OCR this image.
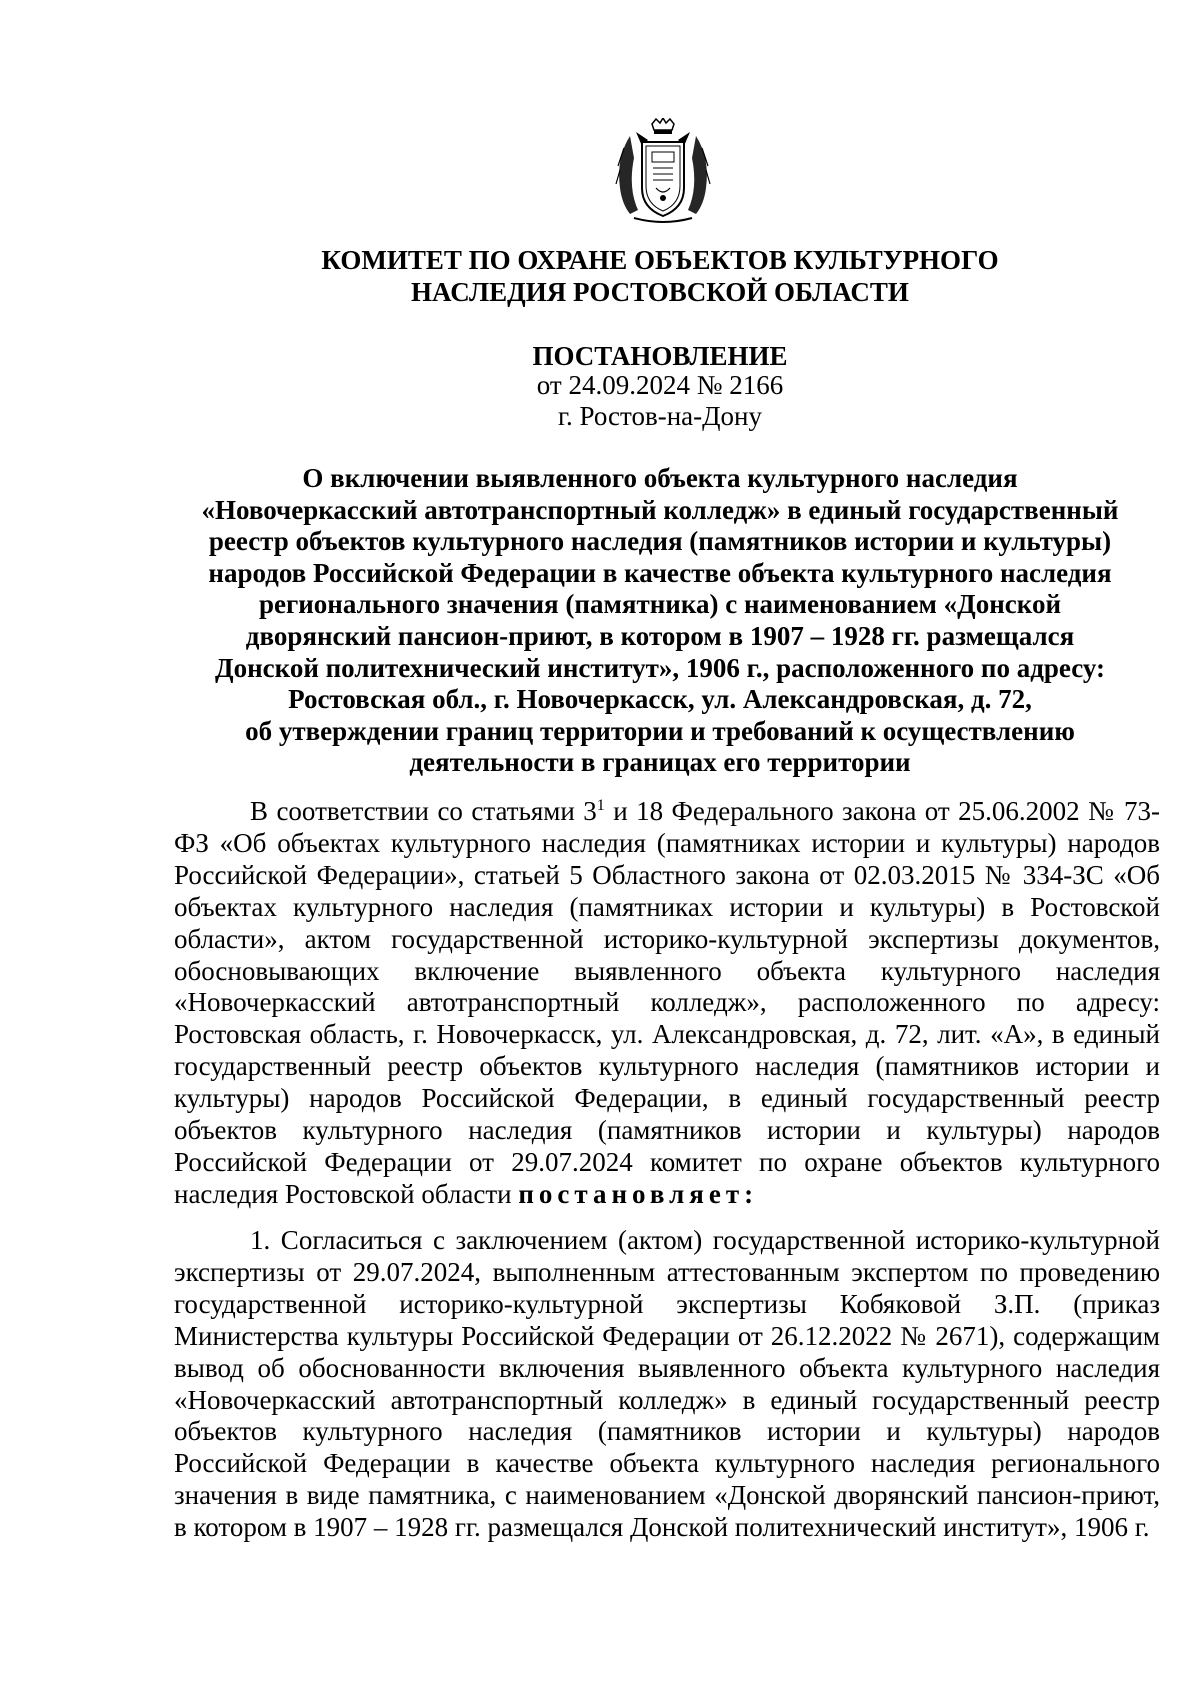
КОМИТЕТ ПО ОХРАНЕ ОБЪЕКТОВ КУЛЬТУРНОГО
НАСЛЕДИЯ РОСТОВСКОЙ ОБЛАСТИ
ПОСТАНОВЛЕНИЕ
от 24.09.2024 № 2166
г. Ростов-на-Дону
О включении выявленного объекта культурного наследия
«Новочеркасский автотранспортный колледж» в единый государственный
реестр объектов культурного наследия (памятников истории и культуры)
народов Российской Федерации в качестве объекта культурного наследия
регионального значения (памятника) с наименованием «Донской
дворянский пансион-приют, в котором в 1907 – 1928 гг. размещался
Донской политехнический институт», 1906 г., расположенного по адресу:
Ростовская обл., г. Новочеркасск, ул. Александровская, д. 72,
об утверждении границ территории и требований к осуществлению
деятельности в границах его территории
В соответствии со статьями $3^1$ и 18 Федерального закона от 25.06.2002 № 73-ФЗ «Об объектах культурного наследия (памятниках истории и культуры) народов Российской Федерации», статьей 5 Областного закона от 02.03.2015 № 334-ЗС «Об объектах культурного наследия (памятниках истории и культуры) в Ростовской области», актом государственной историко-культурной экспертизы документов, обосновывающих включение выявленного объекта культурного наследия «Новочеркасский автотранспортный колледж», расположенного по адресу: Ростовская область, г. Новочеркасск, ул. Александровская, д. 72, лит. «А», в единый государственный реестр объектов культурного наследия (памятников истории и культуры) народов Российской Федерации, в единый государственный реестр объектов культурного наследия (памятников истории и культуры) народов Российской Федерации от 29.07.2024 комитет по охране объектов культурного наследия Ростовской области постановляет:
1. Согласиться с заключением (актом) государственной историко-культурной экспертизы от 29.07.2024, выполненным аттестованным экспертом по проведению государственной историко-культурной экспертизы Кобяковой З.П. (приказ Министерства культуры Российской Федерации от 26.12.2022 № 2671), содержащим вывод об обоснованности включения выявленного объекта культурного наследия «Новочеркасский автотранспортный колледж» в единый государственный реестр объектов культурного наследия (памятников истории и культуры) народов Российской Федерации в качестве объекта культурного наследия регионального значения в виде памятника, с наименованием «Донской дворянский пансион-приют, в котором в 1907 – 1928 гг. размещался Донской политехнический институт», 1906 г.
